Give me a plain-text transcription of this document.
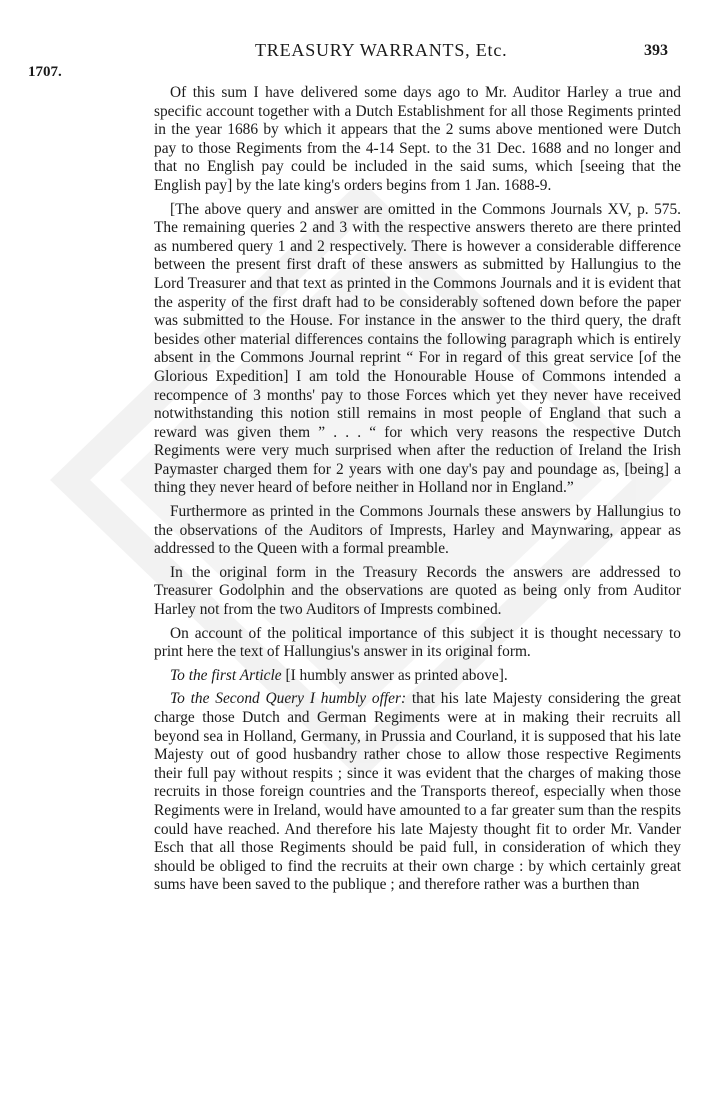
TREASURY WARRANTS, Etc.	393
1707.

Of this sum I have delivered some days ago to Mr. Auditor Harley a true and specific account together with a Dutch Establishment for all those Regiments printed in the year 1686 by which it appears that the 2 sums above mentioned were Dutch pay to those Regiments from the 4-14 Sept. to the 31 Dec. 1688 and no longer and that no English pay could be included in the said sums, which [seeing that the English pay] by the late king's orders begins from 1 Jan. 1688-9.

[The above query and answer are omitted in the Commons Journals XV, p. 575. The remaining queries 2 and 3 with the respective answers thereto are there printed as numbered query 1 and 2 respectively. There is however a considerable difference between the present first draft of these answers as submitted by Hallungius to the Lord Treasurer and that text as printed in the Commons Journals and it is evident that the asperity of the first draft had to be considerably softened down before the paper was submitted to the House. For instance in the answer to the third query, the draft besides other material differences contains the following paragraph which is entirely absent in the Commons Journal reprint “ For in regard of this great service [of the Glorious Expedition] I am told the Honourable House of Commons intended a recompence of 3 months' pay to those Forces which yet they never have received notwithstanding this notion still remains in most people of England that such a reward was given them ” . . . “ for which very reasons the respective Dutch Regiments were very much surprised when after the reduction of Ireland the Irish Paymaster charged them for 2 years with one day's pay and poundage as, [being] a thing they never heard of before neither in Holland nor in England.”

Furthermore as printed in the Commons Journals these answers by Hallungius to the observations of the Auditors of Imprests, Harley and Maynwaring, appear as addressed to the Queen with a formal preamble.

In the original form in the Treasury Records the answers are addressed to Treasurer Godolphin and the observations are quoted as being only from Auditor Harley not from the two Auditors of Imprests combined.

On account of the political importance of this subject it is thought necessary to print here the text of Hallungius's answer in its original form.

To the first Article [I humbly answer as printed above].

To the Second Query I humbly offer: that his late Majesty considering the great charge those Dutch and German Regiments were at in making their recruits all beyond sea in Holland, Germany, in Prussia and Courland, it is supposed that his late Majesty out of good husbandry rather chose to allow those respective Regiments their full pay without respits ; since it was evident that the charges of making those recruits in those foreign countries and the Transports thereof, especially when those Regiments were in Ireland, would have amounted to a far greater sum than the respits could have reached. And therefore his late Majesty thought fit to order Mr. Vander Esch that all those Regiments should be paid full, in consideration of which they should be obliged to find the recruits at their own charge : by which certainly great sums have been saved to the publique ; and therefore rather was a burthen than
